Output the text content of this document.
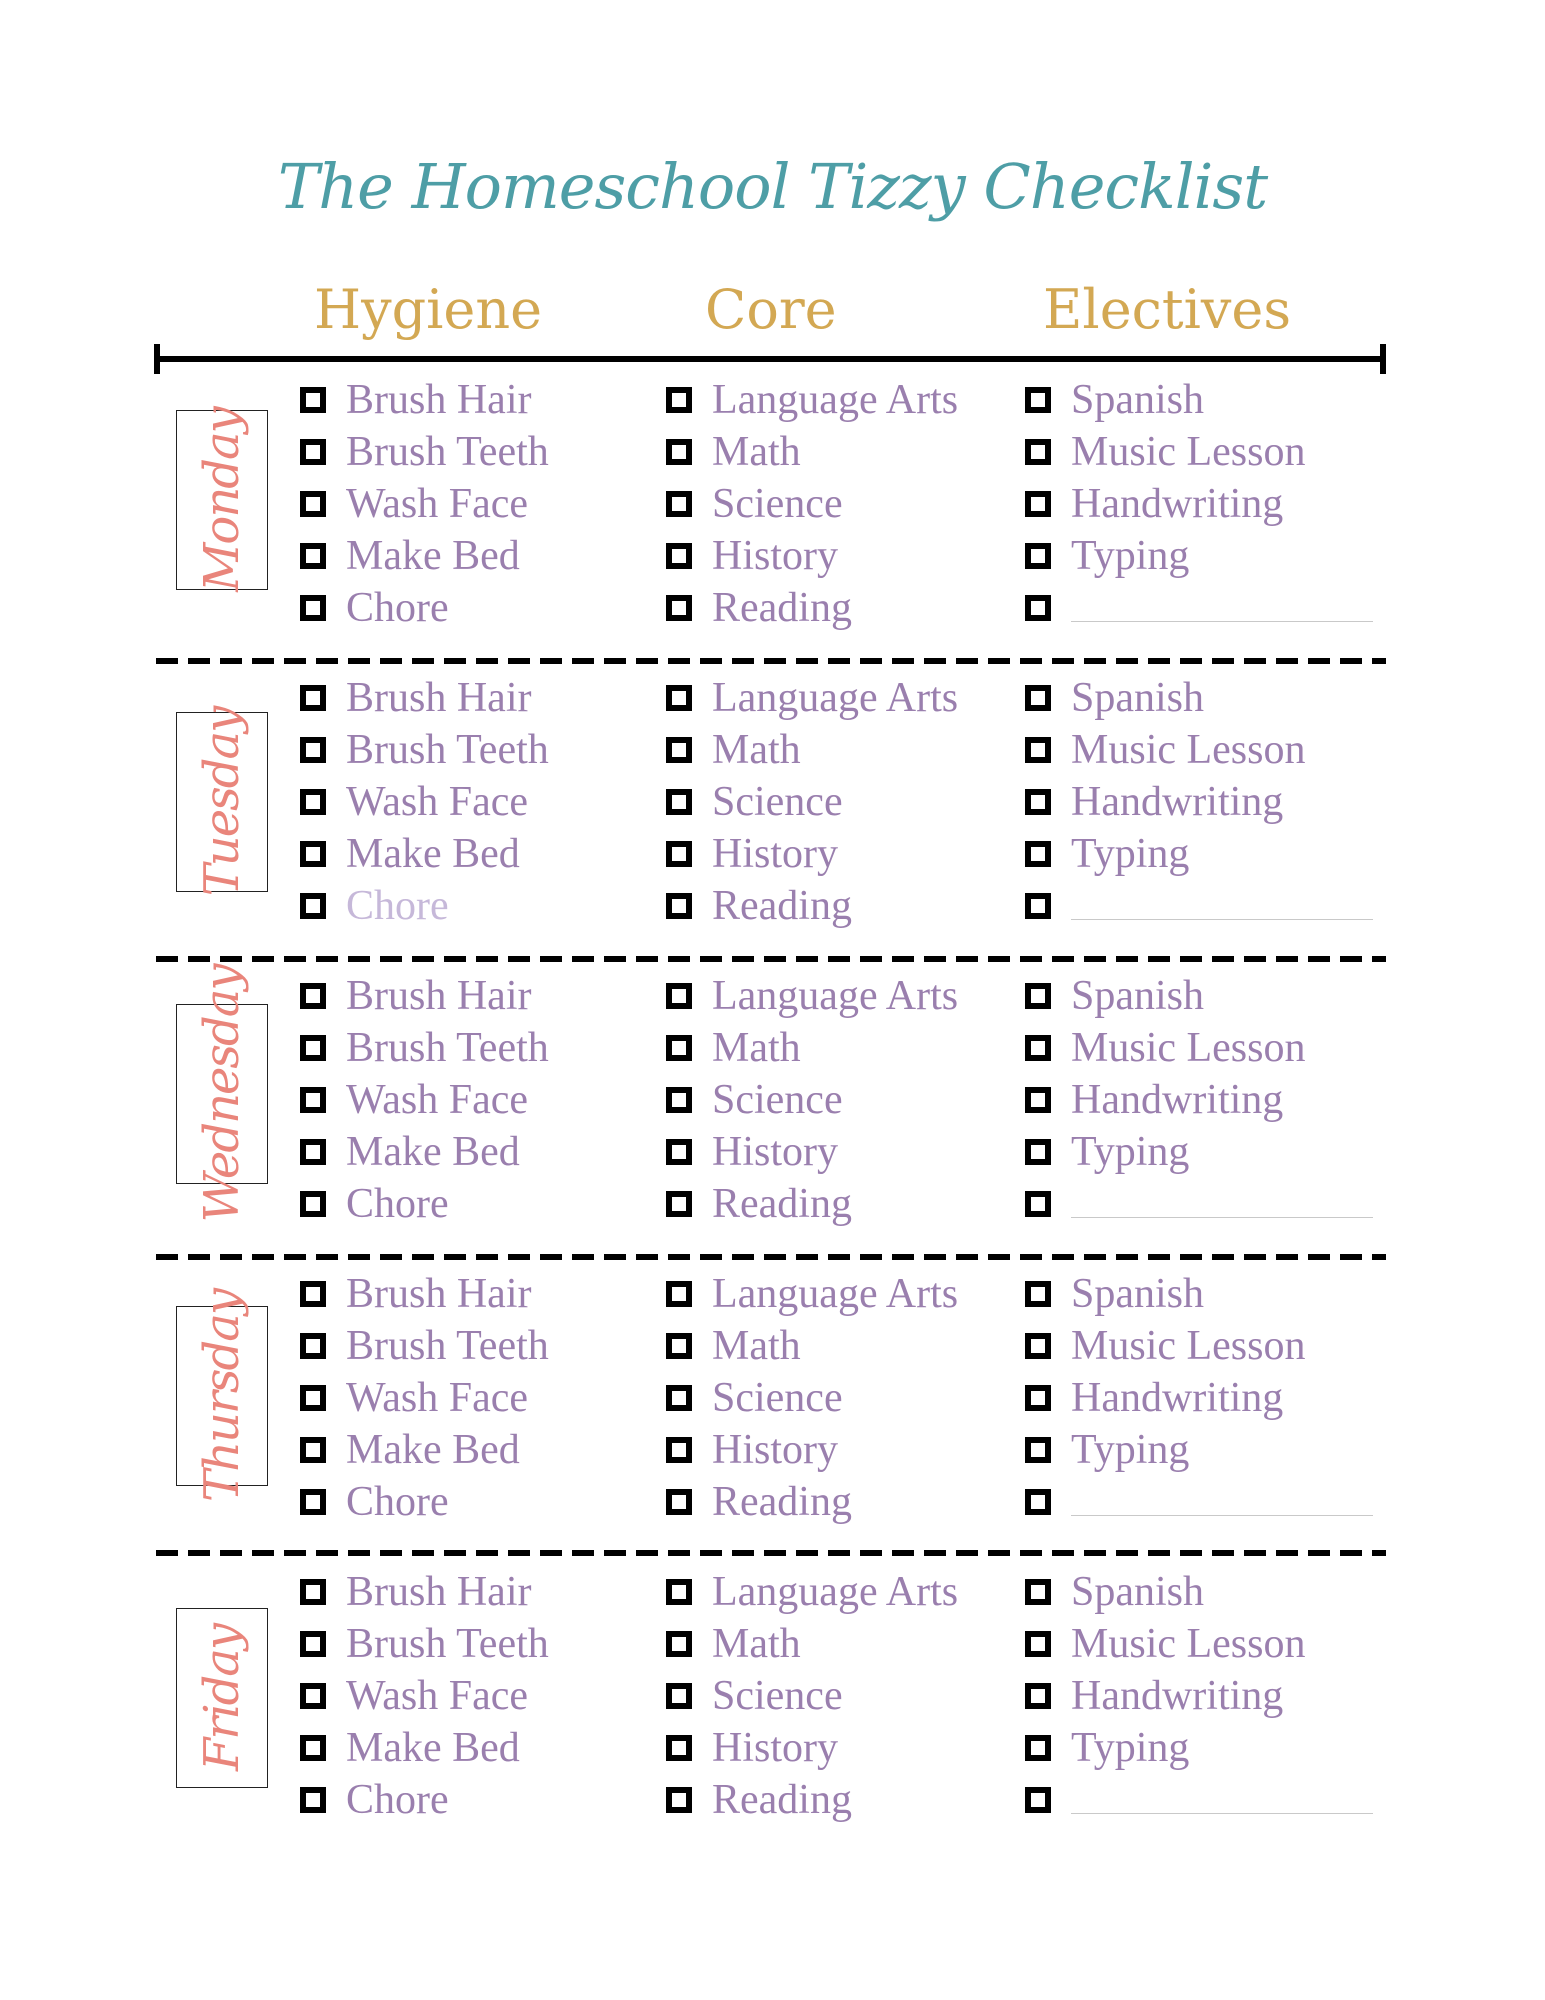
The Homeschool Tizzy Checklist
Hygiene	Core	Electives
Monday
Brush Hair
Brush Teeth
Wash Face
Make Bed
Chore
Language Arts
Math
Science
History
Reading
Spanish
Music Lesson
Handwriting
Typing
Tuesday
Brush Hair
Brush Teeth
Wash Face
Make Bed
Chore
Language Arts
Math
Science
History
Reading
Spanish
Music Lesson
Handwriting
Typing
Wednesday Brush Hair
Brush Teeth
Wash Face
Make Bed
Chore
Language Arts
Math
Science
History
Reading
Spanish
Music Lesson
Handwriting
Typing
Thursday Brush Hair
Brush Teeth
Wash Face
Make Bed
Chore
Language Arts
Math
Science
History
Reading
Spanish
Music Lesson
Handwriting
Typing
Friday
Brush Hair
Brush Teeth
Wash Face
Make Bed
Chore
Language Arts
Math
Science
History
Reading
Spanish
Music Lesson
Handwriting
Typing
